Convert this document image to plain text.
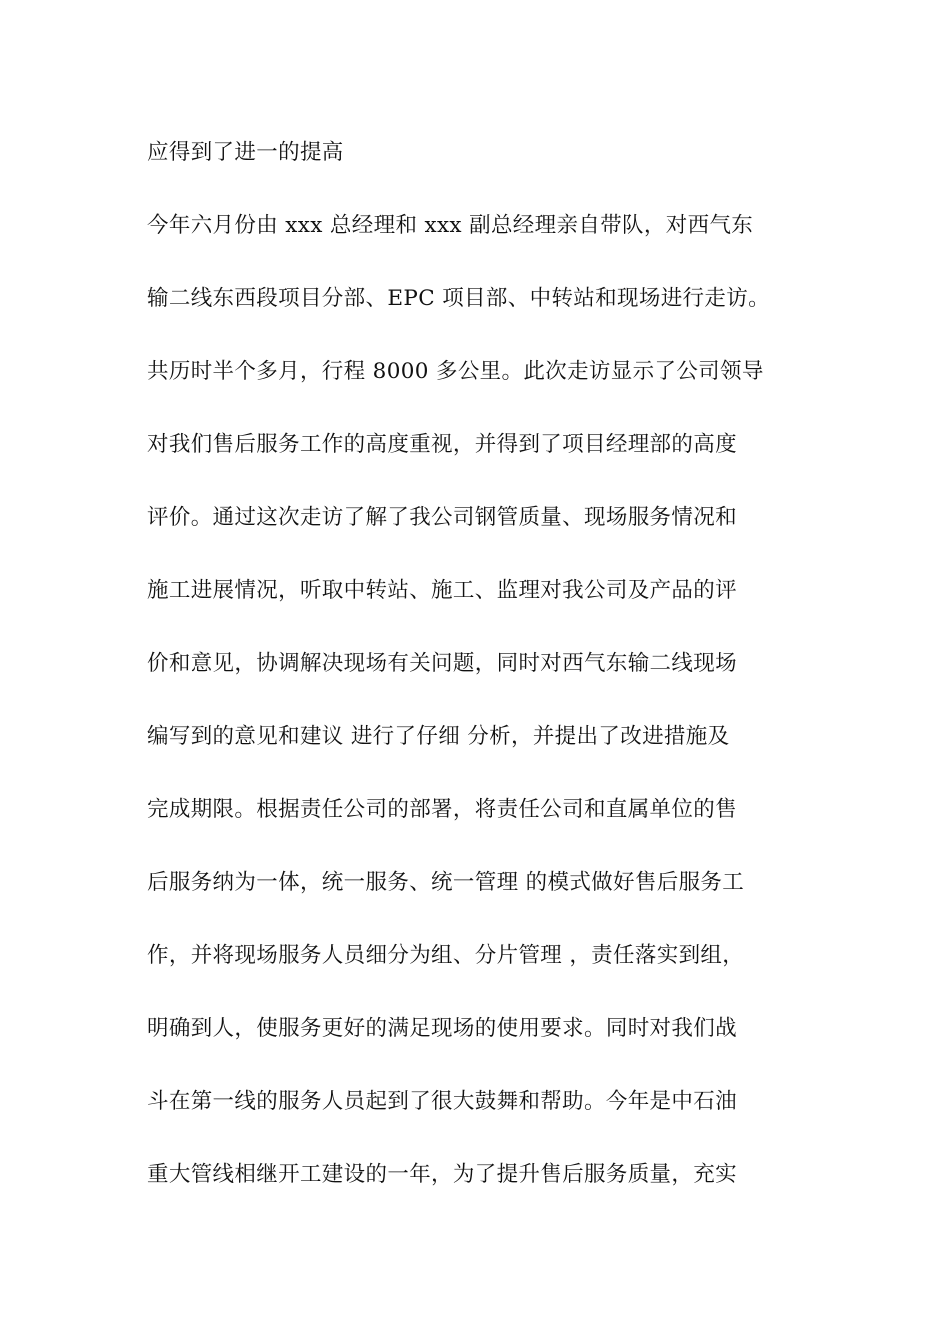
应得到了进一的提高
今年六月份由 xxx 总经理和 xxx 副总经理亲自带队，对西气东
输二线东西段项目分部、EPC 项目部、中转站和现场进行走访。
共历时半个多月，行程 8000 多公里。此次走访显示了公司领导
对我们售后服务工作的高度重视，并得到了项目经理部的高度
评价。通过这次走访了解了我公司钢管质量、现场服务情况和
施工进展情况，听取中转站、施工、监理对我公司及产品的评
价和意见，协调解决现场有关问题，同时对西气东输二线现场
编写到的意见和建议 进行了仔细 分析，并提出了改进措施及
完成期限。根据责任公司的部署，将责任公司和直属单位的售
后服务纳为一体，统一服务、统一管理 的模式做好售后服务工
作，并将现场服务人员细分为组、分片管理 ，责任落实到组，
明确到人，使服务更好的满足现场的使用要求。同时对我们战
斗在第一线的服务人员起到了很大鼓舞和帮助。今年是中石油
重大管线相继开工建设的一年，为了提升售后服务质量，充实
